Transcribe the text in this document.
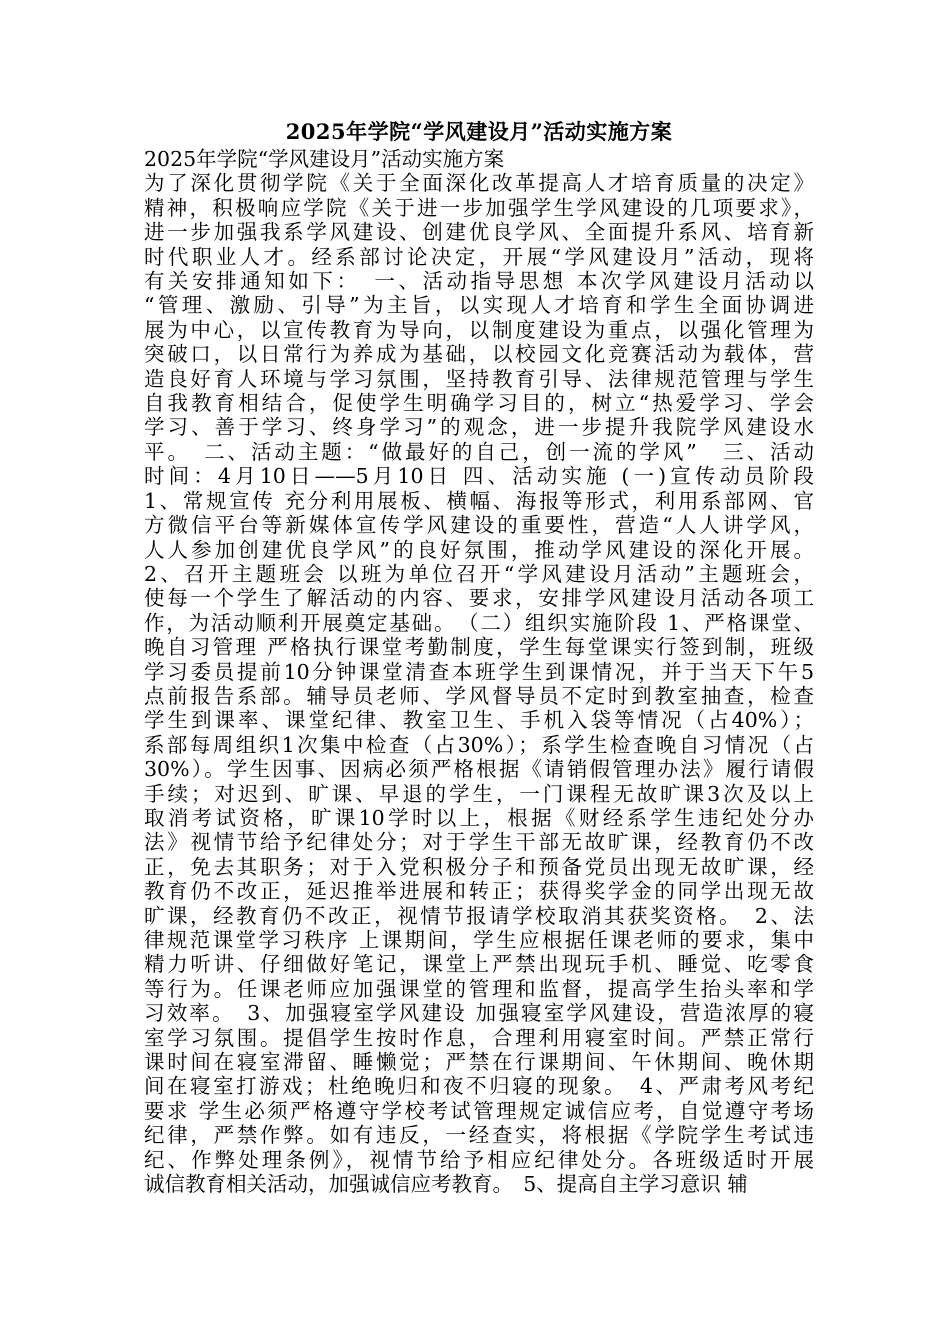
2025年学院“学风建设月”活动实施方案
2025年学院“学风建设月”活动实施方案
为了深化贯彻学院《关于全面深化改革提高人才培育质量的决定》
精神，积极响应学院《关于进一步加强学生学风建设的几项要求》，
进一步加强我系学风建设、创建优良学风、全面提升系风、培育新
时代职业人才。经系部讨论决定，开展“学风建设月”活动，现将
有关安排通知如下：　一、活动指导思想 本次学风建设月活动以
“管理、激励、引导”为主旨，以实现人才培育和学生全面协调进
展为中心，以宣传教育为导向，以制度建设为重点，以强化管理为
突破口，以日常行为养成为基础，以校园文化竞赛活动为载体，营
造良好育人环境与学习氛围，坚持教育引导、法律规范管理与学生
自我教育相结合，促使学生明确学习目的，树立“热爱学习、学会
学习、善于学习、终身学习”的观念，进一步提升我院学风建设水
平。　二、活动主题：“做最好的自己，创一流的学风”　三、活动
时间：4月10日——5月10日 四、活动实施 (一)宣传动员阶段
1、常规宣传 充分利用展板、横幅、海报等形式，利用系部网、官
方微信平台等新媒体宣传学风建设的重要性，营造“人人讲学风，
人人参加创建优良学风”的良好氛围，推动学风建设的深化开展。
2、召开主题班会 以班为单位召开“学风建设月活动”主题班会，
使每一个学生了解活动的内容、要求，安排学风建设月活动各项工
作，为活动顺利开展奠定基础。　（二）组织实施阶段 1、严格课堂、
晚自习管理 严格执行课堂考勤制度，学生每堂课实行签到制，班级
学习委员提前10分钟课堂清查本班学生到课情况，并于当天下午5
点前报告系部。辅导员老师、学风督导员不定时到教室抽查，检查
学生到课率、课堂纪律、教室卫生、手机入袋等情况（占40%）；
系部每周组织1次集中检查（占30%）；系学生检查晚自习情况（占
30%）。学生因事、因病必须严格根据《请销假管理办法》履行请假
手续；对迟到、旷课、早退的学生，一门课程无故旷课3次及以上
取消考试资格，旷课10学时以上，根据《财经系学生违纪处分办
法》视情节给予纪律处分；对于学生干部无故旷课，经教育仍不改
正，免去其职务；对于入党积极分子和预备党员出现无故旷课，经
教育仍不改正，延迟推举进展和转正；获得奖学金的同学出现无故
旷课，经教育仍不改正，视情节报请学校取消其获奖资格。　2、法
律规范课堂学习秩序 上课期间，学生应根据任课老师的要求，集中
精力听讲、仔细做好笔记，课堂上严禁出现玩手机、睡觉、吃零食
等行为。任课老师应加强课堂的管理和监督，提高学生抬头率和学
习效率。　3、加强寝室学风建设 加强寝室学风建设，营造浓厚的寝
室学习氛围。提倡学生按时作息，合理利用寝室时间。严禁正常行
课时间在寝室滞留、睡懒觉；严禁在行课期间、午休期间、晚休期
间在寝室打游戏；杜绝晚归和夜不归寝的现象。　4、严肃考风考纪
要求 学生必须严格遵守学校考试管理规定诚信应考，自觉遵守考场
纪律，严禁作弊。如有违反，一经查实，将根据《学院学生考试违
纪、作弊处理条例》，视情节给予相应纪律处分。各班级适时开展
诚信教育相关活动，加强诚信应考教育。　5、提高自主学习意识 辅
